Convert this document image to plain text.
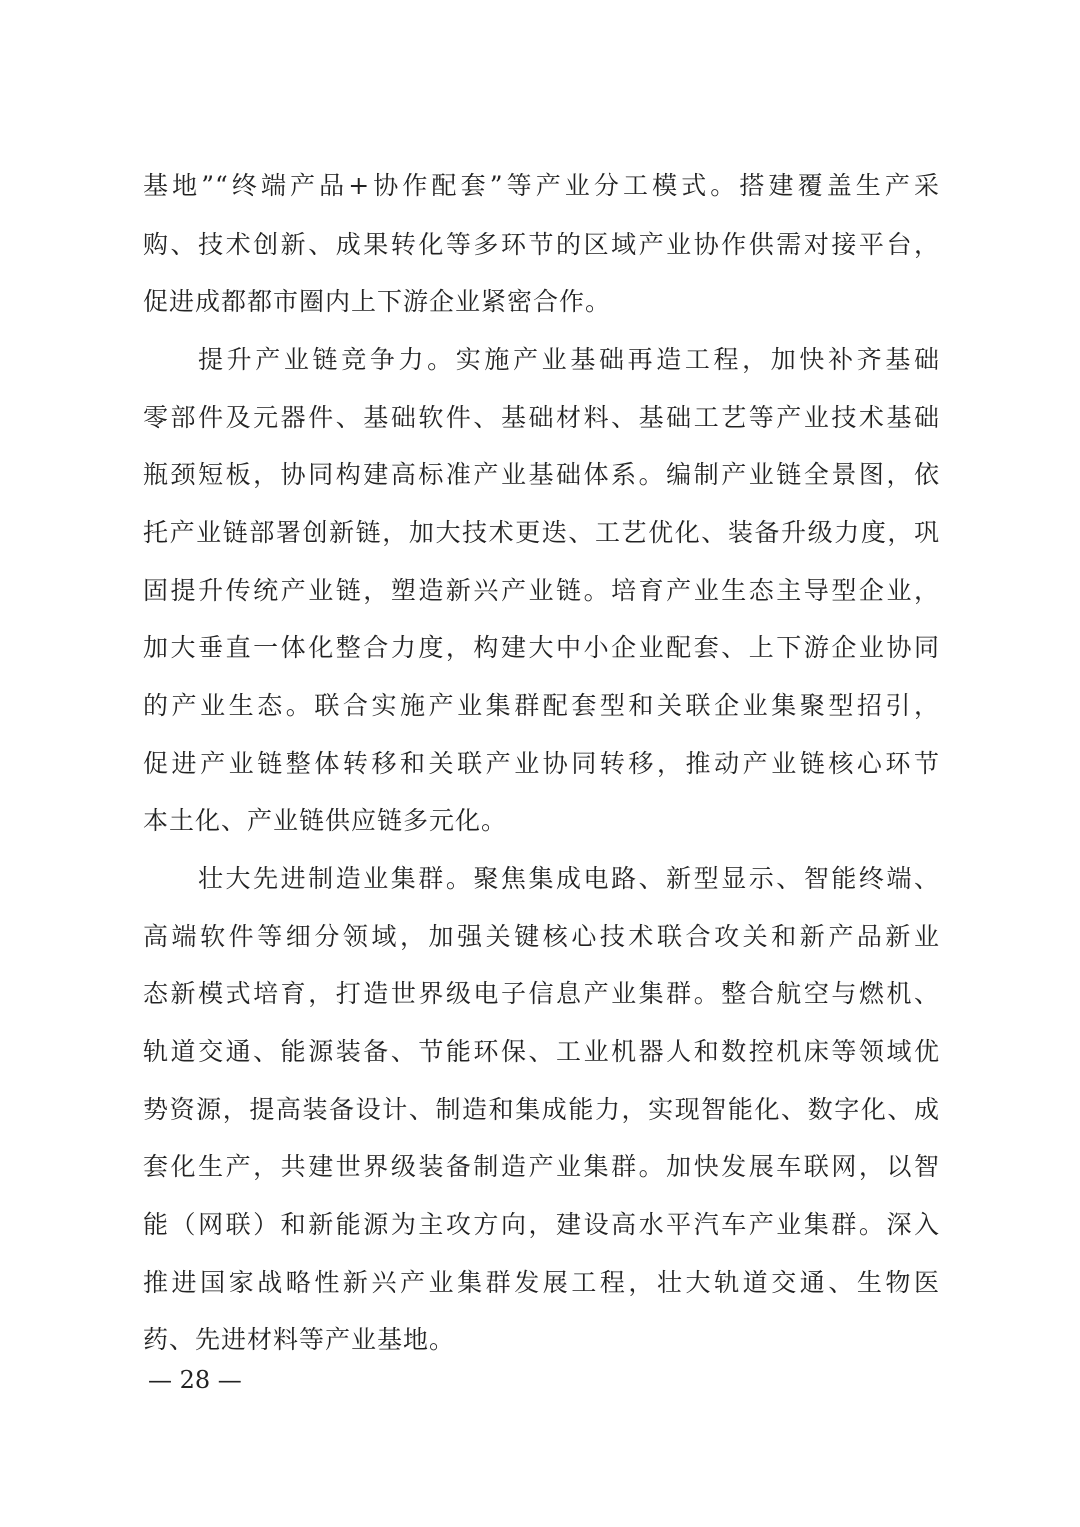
基地”“终端产品+协作配套”等产业分工模式。搭建覆盖生产采
购、技术创新、成果转化等多环节的区域产业协作供需对接平台，
促进成都都市圈内上下游企业紧密合作。
提升产业链竞争力。实施产业基础再造工程，加快补齐基础
零部件及元器件、基础软件、基础材料、基础工艺等产业技术基础
瓶颈短板，协同构建高标准产业基础体系。编制产业链全景图，依
托产业链部署创新链，加大技术更迭、工艺优化、装备升级力度，巩
固提升传统产业链，塑造新兴产业链。培育产业生态主导型企业，
加大垂直一体化整合力度，构建大中小企业配套、上下游企业协同
的产业生态。联合实施产业集群配套型和关联企业集聚型招引，
促进产业链整体转移和关联产业协同转移，推动产业链核心环节
本土化、产业链供应链多元化。
壮大先进制造业集群。聚焦集成电路、新型显示、智能终端、
高端软件等细分领域，加强关键核心技术联合攻关和新产品新业
态新模式培育，打造世界级电子信息产业集群。整合航空与燃机、
轨道交通、能源装备、节能环保、工业机器人和数控机床等领域优
势资源，提高装备设计、制造和集成能力，实现智能化、数字化、成
套化生产，共建世界级装备制造产业集群。加快发展车联网，以智
能（网联）和新能源为主攻方向，建设高水平汽车产业集群。深入
推进国家战略性新兴产业集群发展工程，壮大轨道交通、生物医
药、先进材料等产业基地。
— 28 —
